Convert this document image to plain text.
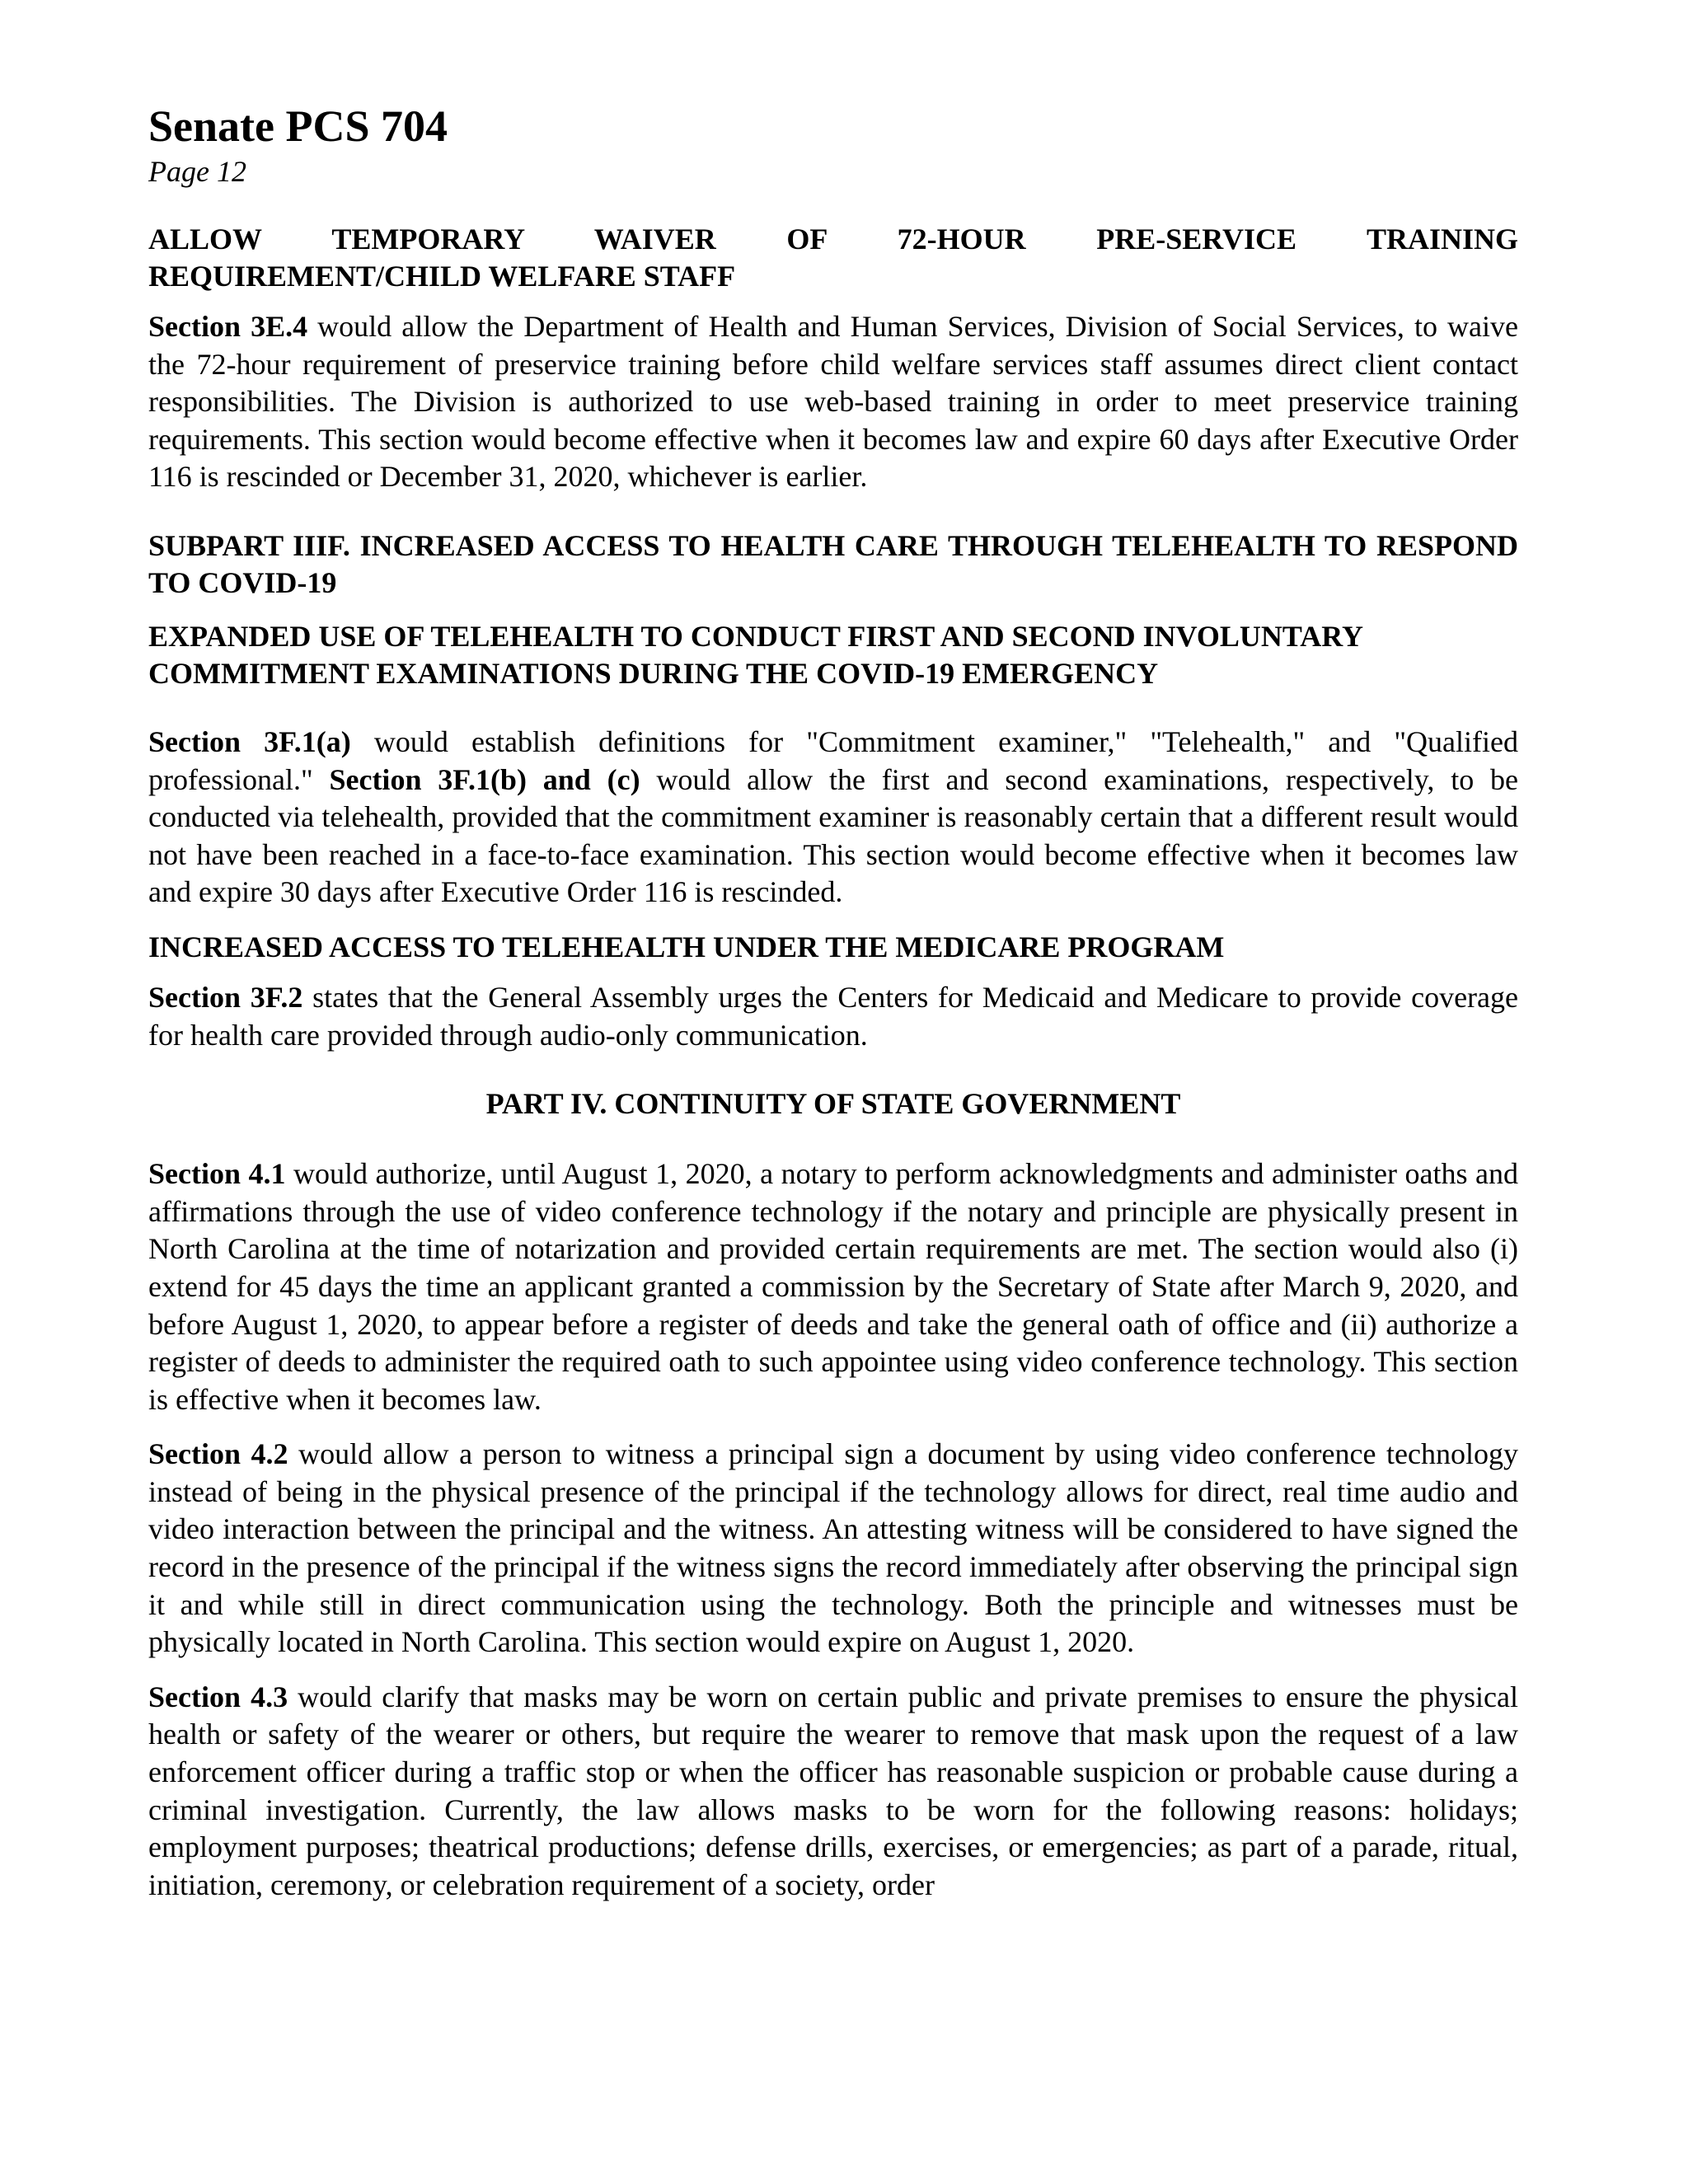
Senate PCS 704
Page 12
ALLOW TEMPORARY WAIVER OF 72-HOUR PRE-SERVICE TRAINING
REQUIREMENT/CHILD WELFARE STAFF

Section 3E.4 would allow the Department of Health and Human Services, Division of Social Services, to waive the 72-hour requirement of preservice training before child welfare services staff assumes direct client contact responsibilities. The Division is authorized to use web-based training in order to meet preservice training requirements. This section would become effective when it becomes law and expire 60 days after Executive Order 116 is rescinded or December 31, 2020, whichever is earlier.

SUBPART IIIF. INCREASED ACCESS TO HEALTH CARE THROUGH TELEHEALTH TO RESPOND TO COVID-19
EXPANDED USE OF TELEHEALTH TO CONDUCT FIRST AND SECOND INVOLUNTARY COMMITMENT EXAMINATIONS DURING THE COVID-19 EMERGENCY

Section 3F.1(a) would establish definitions for "Commitment examiner," "Telehealth," and "Qualified professional." Section 3F.1(b) and (c) would allow the first and second examinations, respectively, to be conducted via telehealth, provided that the commitment examiner is reasonably certain that a different result would not have been reached in a face-to-face examination. This section would become effective when it becomes law and expire 30 days after Executive Order 116 is rescinded.

INCREASED ACCESS TO TELEHEALTH UNDER THE MEDICARE PROGRAM

Section 3F.2 states that the General Assembly urges the Centers for Medicaid and Medicare to provide coverage for health care provided through audio-only communication.

PART IV. CONTINUITY OF STATE GOVERNMENT

Section 4.1 would authorize, until August 1, 2020, a notary to perform acknowledgments and administer oaths and affirmations through the use of video conference technology if the notary and principle are physically present in North Carolina at the time of notarization and provided certain requirements are met. The section would also (i) extend for 45 days the time an applicant granted a commission by the Secretary of State after March 9, 2020, and before August 1, 2020, to appear before a register of deeds and take the general oath of office and (ii) authorize a register of deeds to administer the required oath to such appointee using video conference technology. This section is effective when it becomes law.

Section 4.2 would allow a person to witness a principal sign a document by using video conference technology instead of being in the physical presence of the principal if the technology allows for direct, real time audio and video interaction between the principal and the witness. An attesting witness will be considered to have signed the record in the presence of the principal if the witness signs the record immediately after observing the principal sign it and while still in direct communication using the technology. Both the principle and witnesses must be physically located in North Carolina. This section would expire on August 1, 2020.

Section 4.3 would clarify that masks may be worn on certain public and private premises to ensure the physical health or safety of the wearer or others, but require the wearer to remove that mask upon the request of a law enforcement officer during a traffic stop or when the officer has reasonable suspicion or probable cause during a criminal investigation. Currently, the law allows masks to be worn for the following reasons: holidays; employment purposes; theatrical productions; defense drills, exercises, or emergencies; as part of a parade, ritual, initiation, ceremony, or celebration requirement of a society, order
